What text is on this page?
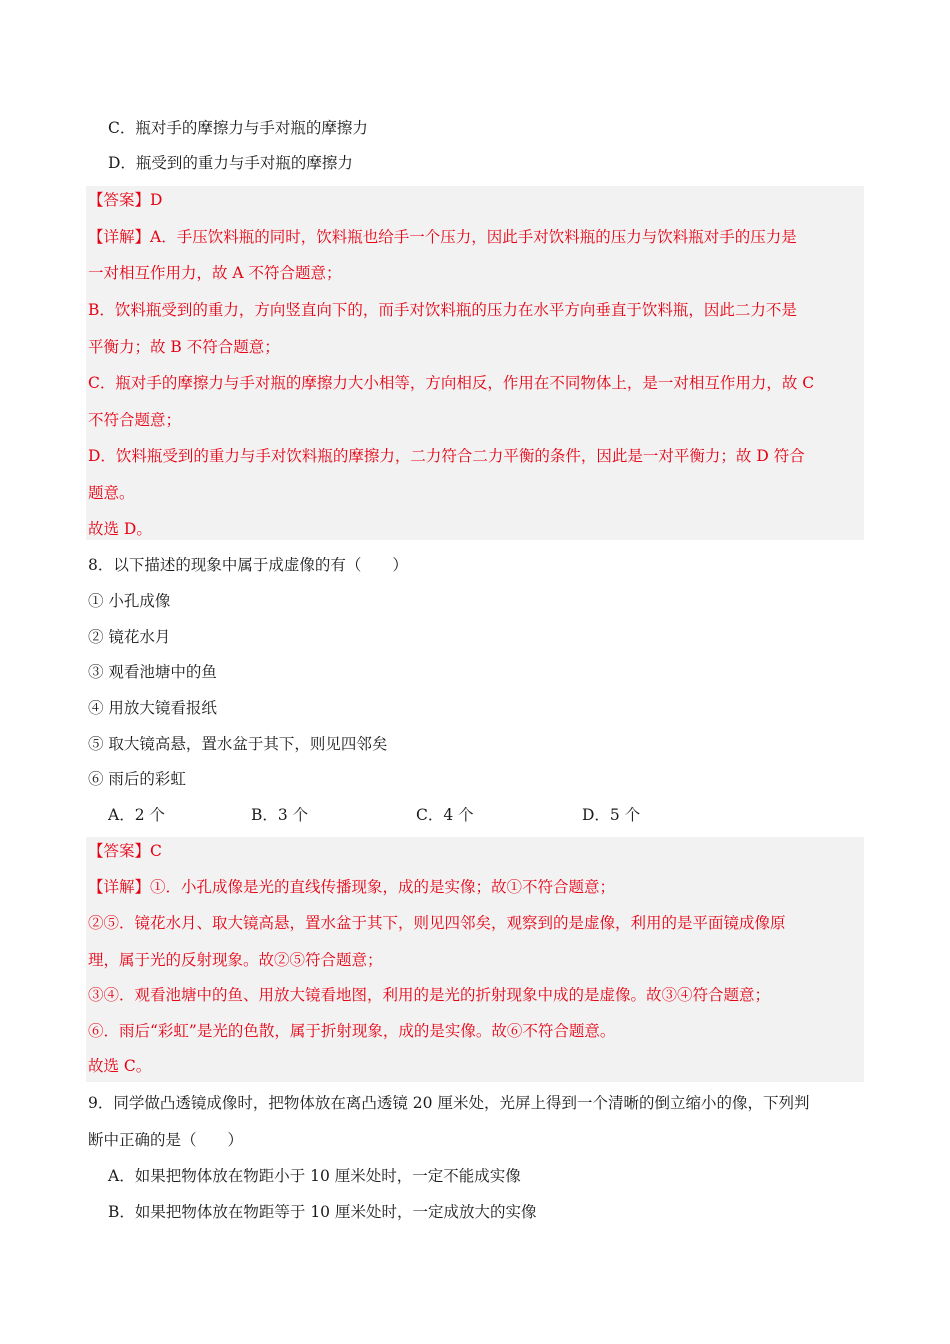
C．瓶对手的摩擦力与手对瓶的摩擦力
D．瓶受到的重力与手对瓶的摩擦力
【答案】D
【详解】A．手压饮料瓶的同时，饮料瓶也给手一个压力，因此手对饮料瓶的压力与饮料瓶对手的压力是
一对相互作用力，故 A 不符合题意；
B．饮料瓶受到的重力，方向竖直向下的，而手对饮料瓶的压力在水平方向垂直于饮料瓶，因此二力不是
平衡力；故 B 不符合题意；
C．瓶对手的摩擦力与手对瓶的摩擦力大小相等，方向相反，作用在不同物体上，是一对相互作用力，故 C
不符合题意；
D．饮料瓶受到的重力与手对饮料瓶的摩擦力，二力符合二力平衡的条件，因此是一对平衡力；故 D 符合
题意。
故选 D。
8．以下描述的现象中属于成虚像的有（　　）
① 小孔成像
② 镜花水月
③ 观看池塘中的鱼
④ 用放大镜看报纸
⑤ 取大镜高悬，置水盆于其下，则见四邻矣
⑥ 雨后的彩虹
A．2 个	B．3 个	C．4 个	D．5 个
【答案】C
【详解】①．小孔成像是光的直线传播现象，成的是实像；故①不符合题意；
②⑤．镜花水月、取大镜高悬，置水盆于其下，则见四邻矣，观察到的是虚像，利用的是平面镜成像原
理，属于光的反射现象。故②⑤符合题意；
③④．观看池塘中的鱼、用放大镜看地图，利用的是光的折射现象中成的是虚像。故③④符合题意；
⑥．雨后“彩虹”是光的色散，属于折射现象，成的是实像。故⑥不符合题意。
故选 C。
9．同学做凸透镜成像时，把物体放在离凸透镜 20 厘米处，光屏上得到一个清晰的倒立缩小的像，下列判
断中正确的是（　　）
A．如果把物体放在物距小于 10 厘米处时，一定不能成实像
B．如果把物体放在物距等于 10 厘米处时，一定成放大的实像
